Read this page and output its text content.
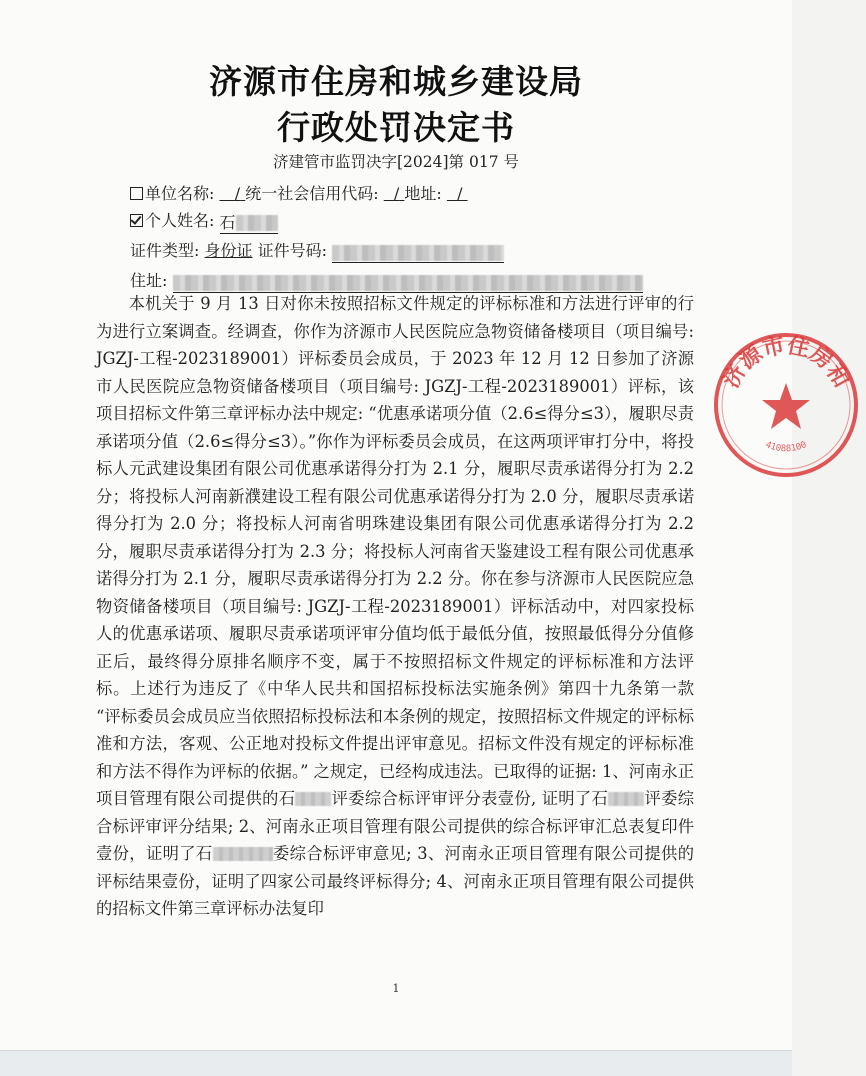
济源市住房和城乡建设局
行政处罚决定书
济建管市监罚决字[2024]第 017 号
单位名称: / 统一社会信用代码: / 地址: /
个人姓名: 石
证件类型: 身份证 证件号码:
住址:

本机关于 9 月 13 日对你未按照招标文件规定的评标标准和方法进行评审的行为进行立案调查。经调查，你作为济源市人民医院应急物资储备楼项目（项目编号: JGZJ-工程-2023189001）评标委员会成员，于 2023 年 12 月 12 日参加了济源市人民医院应急物资储备楼项目（项目编号: JGZJ-工程-2023189001）评标，该项目招标文件第三章评标办法中规定: “优惠承诺项分值（2.6≤得分≤3），履职尽责承诺项分值（2.6≤得分≤3）。”你作为评标委员会成员，在这两项评审打分中，将投标人元武建设集团有限公司优惠承诺得分打为 2.1 分，履职尽责承诺得分打为 2.2 分；将投标人河南新濮建设工程有限公司优惠承诺得分打为 2.0 分，履职尽责承诺得分打为 2.0 分；将投标人河南省明珠建设集团有限公司优惠承诺得分打为 2.2 分，履职尽责承诺得分打为 2.3 分；将投标人河南省天鉴建设工程有限公司优惠承诺得分打为 2.1 分，履职尽责承诺得分打为 2.2 分。你在参与济源市人民医院应急物资储备楼项目（项目编号: JGZJ-工程-2023189001）评标活动中，对四家投标人的优惠承诺项、履职尽责承诺项评审分值均低于最低分值，按照最低得分分值修正后，最终得分原排名顺序不变，属于不按照招标文件规定的评标标准和方法评标。上述行为违反了《中华人民共和国招标投标法实施条例》第四十九条第一款 “评标委员会成员应当依照招标投标法和本条例的规定，按照招标文件规定的评标标准和方法，客观、公正地对投标文件提出评审意见。招标文件没有规定的评标标准和方法不得作为评标的依据。” 之规定，已经构成违法。已取得的证据: 1、河南永正项目管理有限公司提供的石 评委综合标评审评分表壹份, 证明了石 评委综合标评审评分结果; 2、河南永正项目管理有限公司提供的综合标评审汇总表复印件壹份，证明了石	委综合标评审意见; 3、河南永正项目管理有限公司提供的评标结果壹份，证明了四家公司最终评标得分; 4、河南永正项目管理有限公司提供的招标文件第三章评标办法复印

1
济源市住房和
41088100
